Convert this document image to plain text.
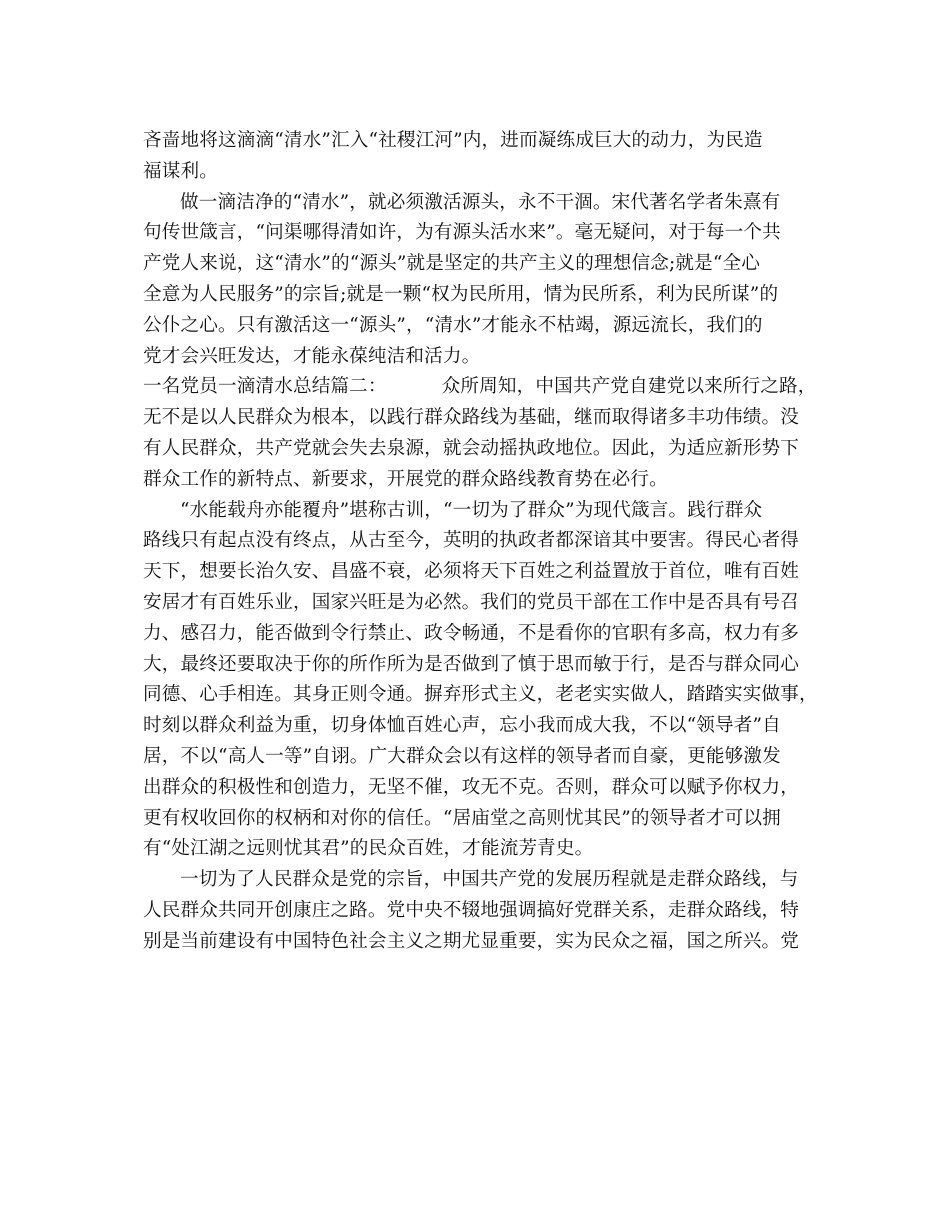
吝啬地将这滴滴“清水”汇入“社稷江河”内，进而凝练成巨大的动力，为民造
福谋利。
做一滴洁净的“清水”，就必须激活源头，永不干涸。宋代著名学者朱熹有
句传世箴言，“问渠哪得清如许，为有源头活水来”。毫无疑问，对于每一个共
产党人来说，这“清水”的“源头”就是坚定的共产主义的理想信念;就是“全心
全意为人民服务”的宗旨;就是一颗“权为民所用，情为民所系，利为民所谋”的
公仆之心。只有激活这一“源头”，“清水”才能永不枯竭，源远流长，我们的
党才会兴旺发达，才能永葆纯洁和活力。
一名党员一滴清水总结篇二：	众所周知，中国共产党自建党以来所行之路，
无不是以人民群众为根本，以践行群众路线为基础，继而取得诸多丰功伟绩。没
有人民群众，共产党就会失去泉源，就会动摇执政地位。因此，为适应新形势下
群众工作的新特点、新要求，开展党的群众路线教育势在必行。
“水能载舟亦能覆舟”堪称古训，“一切为了群众”为现代箴言。践行群众
路线只有起点没有终点，从古至今，英明的执政者都深谙其中要害。得民心者得
天下，想要长治久安、昌盛不衰，必须将天下百姓之利益置放于首位，唯有百姓
安居才有百姓乐业，国家兴旺是为必然。我们的党员干部在工作中是否具有号召
力、感召力，能否做到令行禁止、政令畅通，不是看你的官职有多高，权力有多
大，最终还要取决于你的所作所为是否做到了慎于思而敏于行，是否与群众同心
同德、心手相连。其身正则令通。摒弃形式主义，老老实实做人，踏踏实实做事，
时刻以群众利益为重，切身体恤百姓心声，忘小我而成大我，不以“领导者”自
居，不以“高人一等”自诩。广大群众会以有这样的领导者而自豪，更能够激发
出群众的积极性和创造力，无坚不催，攻无不克。否则，群众可以赋予你权力，
更有权收回你的权柄和对你的信任。“居庙堂之高则忧其民”的领导者才可以拥
有“处江湖之远则忧其君”的民众百姓，才能流芳青史。
一切为了人民群众是党的宗旨，中国共产党的发展历程就是走群众路线，与
人民群众共同开创康庄之路。党中央不辍地强调搞好党群关系，走群众路线，特
别是当前建设有中国特色社会主义之期尤显重要，实为民众之福，国之所兴。党
